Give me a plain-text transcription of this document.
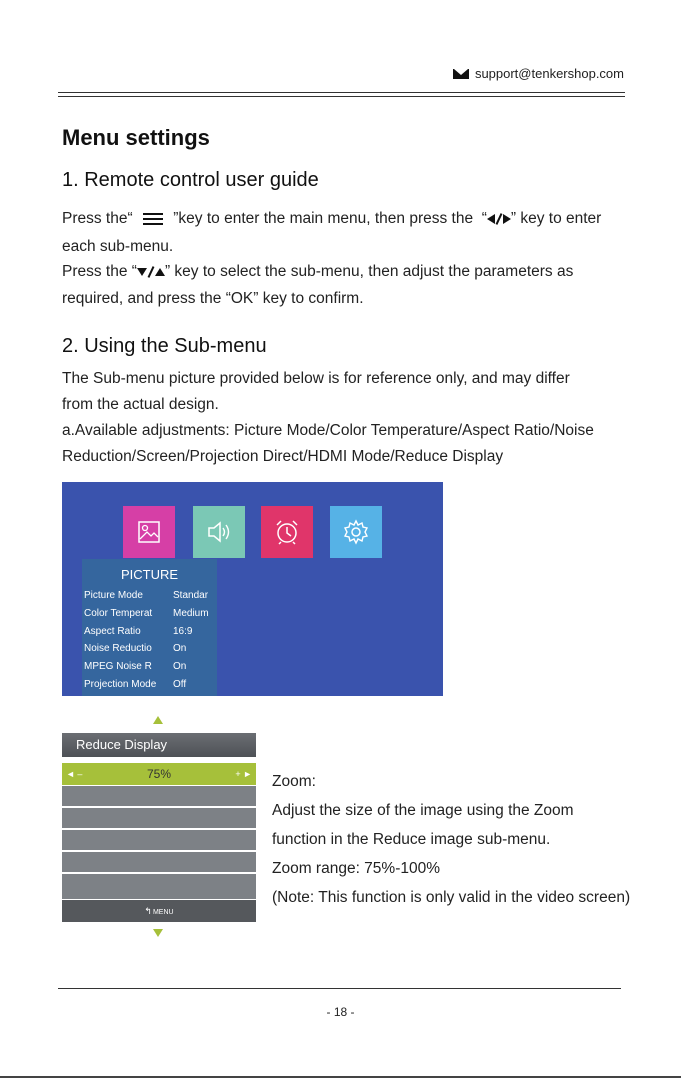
support@tenkershop.com
Menu settings
1. Remote control user guide
Press the“	”key to enter the main menu, then press the  “ ” key to enter
each sub-menu.
Press the “ ” key to select the sub-menu, then adjust the parameters as
required, and press the “OK” key to confirm.
2. Using the Sub-menu
The Sub-menu picture provided below is for reference only, and may differ
from the actual design.
a.Available adjustments: Picture Mode/Color Temperature/Aspect Ratio/Noise
Reduction/Screen/Projection Direct/HDMI Mode/Reduce Display
PICTURE
Picture Mode	Standar
Color Temperat Medium
Aspect Ratio	16:9
Noise Reductio On
MPEG Noise R On
Projection Mode Off
Reduce Display
◄ –	75%	+ ►
↰MENU
Zoom:
Adjust the size of the image using the Zoom
function in the Reduce image sub-menu.
Zoom range: 75%-100%
(Note: This function is only valid in the video screen)
- 18 -
